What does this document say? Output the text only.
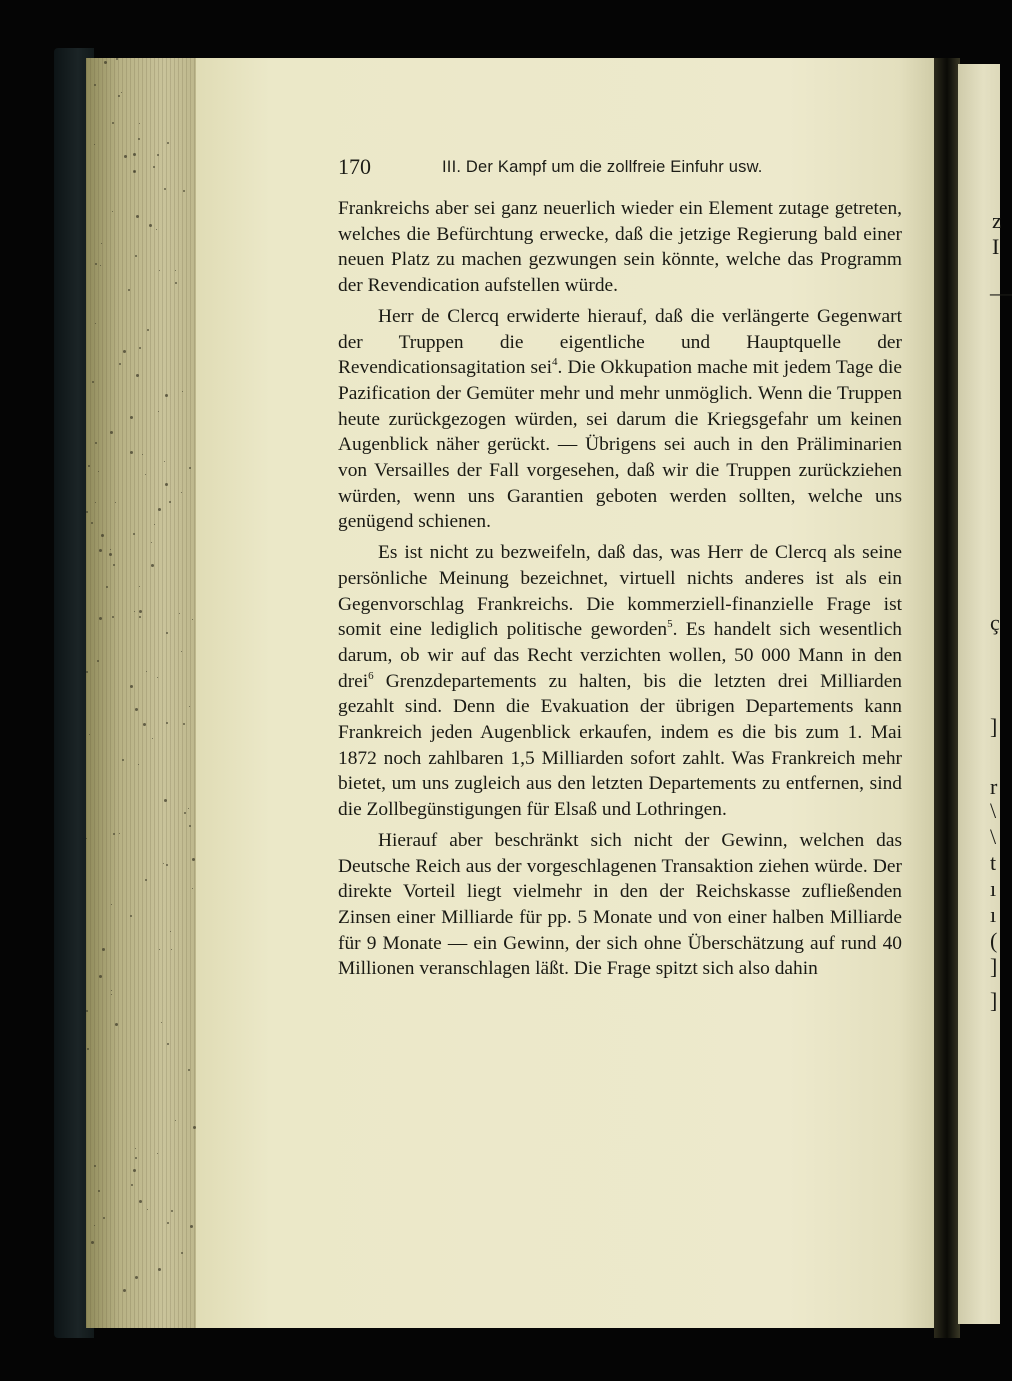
z
I
—
ç
]
r
\
\
t
ı
ı
(
]
]
170	III. Der Kampf um die zollfreie Einfuhr usw.

Frankreichs aber sei ganz neuerlich wieder ein Element zutage getreten, welches die Befürchtung erwecke, daß die jetzige Regierung bald einer neuen Platz zu machen gezwungen sein könnte, welche das Programm der Revendication aufstellen würde.

Herr de Clercq erwiderte hierauf, daß die verlängerte Gegenwart der Truppen die eigentliche und Hauptquelle der Revendicationsagitation sei$^4$. Die Okkupation mache mit jedem Tage die Pazification der Gemüter mehr und mehr unmöglich. Wenn die Truppen heute zurückgezogen würden, sei darum die Kriegsgefahr um keinen Augenblick näher gerückt. — Übrigens sei auch in den Präliminarien von Versailles der Fall vorgesehen, daß wir die Truppen zurückziehen würden, wenn uns Garantien geboten werden sollten, welche uns genügend schienen.

Es ist nicht zu bezweifeln, daß das, was Herr de Clercq als seine persönliche Meinung bezeichnet, virtuell nichts anderes ist als ein Gegenvorschlag Frankreichs. Die kommerziell-finanzielle Frage ist somit eine lediglich politische geworden$^5$. Es handelt sich wesentlich darum, ob wir auf das Recht verzichten wollen, 50 000 Mann in den drei$^6$ Grenzdepartements zu halten, bis die letzten drei Milliarden gezahlt sind. Denn die Evakuation der übrigen Departements kann Frankreich jeden Augenblick erkaufen, indem es die bis zum 1. Mai 1872 noch zahlbaren 1,5 Milliarden sofort zahlt. Was Frankreich mehr bietet, um uns zugleich aus den letzten Departements zu entfernen, sind die Zollbegünstigungen für Elsaß und Lothringen.

Hierauf aber beschränkt sich nicht der Gewinn, welchen das Deutsche Reich aus der vorgeschlagenen Transaktion ziehen würde. Der direkte Vorteil liegt vielmehr in den der Reichskasse zufließenden Zinsen einer Milliarde für pp. 5 Monate und von einer halben Milliarde für 9 Monate — ein Gewinn, der sich ohne Überschätzung auf rund 40 Millionen veranschlagen läßt. Die Frage spitzt sich also dahin
